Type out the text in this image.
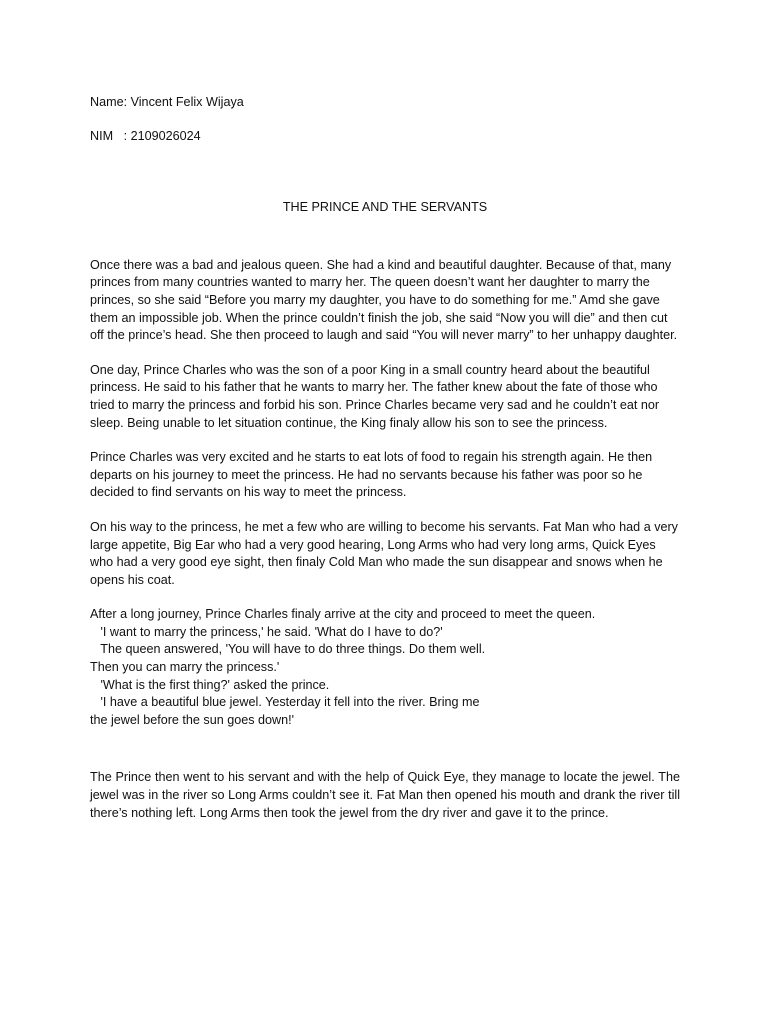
Name: Vincent Felix Wijaya
NIM   : 2109026024
THE PRINCE AND THE SERVANTS

Once there was a bad and jealous queen. She had a kind and beautiful daughter. Because of that, many princes from many countries wanted to marry her. The queen doesn’t want her daughter to marry the princes, so she said “Before you marry my daughter, you have to do something for me.” Amd she gave them an impossible job. When the prince couldn’t finish the job, she said “Now you will die” and then cut off the prince’s head. She then proceed to laugh and said “You will never marry” to her unhappy daughter.

One day, Prince Charles who was the son of a poor King in a small country heard about the beautiful princess. He said to his father that he wants to marry her. The father knew about the fate of those who tried to marry the princess and forbid his son. Prince Charles became very sad and he couldn’t eat nor sleep. Being unable to let situation continue, the King finaly allow his son to see the princess.

Prince Charles was very excited and he starts to eat lots of food to regain his strength again. He then departs on his journey to meet the princess. He had no servants because his father was poor so he decided to find servants on his way to meet the princess.

On his way to the princess, he met a few who are willing to become his servants. Fat Man who had a very large appetite, Big Ear who had a very good hearing, Long Arms who had very long arms, Quick Eyes who had a very good eye sight, then finaly Cold Man who made the sun disappear and snows when he opens his coat.

After a long journey, Prince Charles finaly arrive at the city and proceed to meet the queen.
'I want to marry the princess,' he said. 'What do I have to do?'
The queen answered, 'You will have to do three things. Do them well.
Then you can marry the princess.'
'What is the first thing?' asked the prince.
'I have a beautiful blue jewel. Yesterday it fell into the river. Bring me
the jewel before the sun goes down!'

The Prince then went to his servant and with the help of Quick Eye, they manage to locate the jewel. The jewel was in the river so Long Arms couldn’t see it. Fat Man then opened his mouth and drank the river till there’s nothing left. Long Arms then took the jewel from the dry river and gave it to the prince.
